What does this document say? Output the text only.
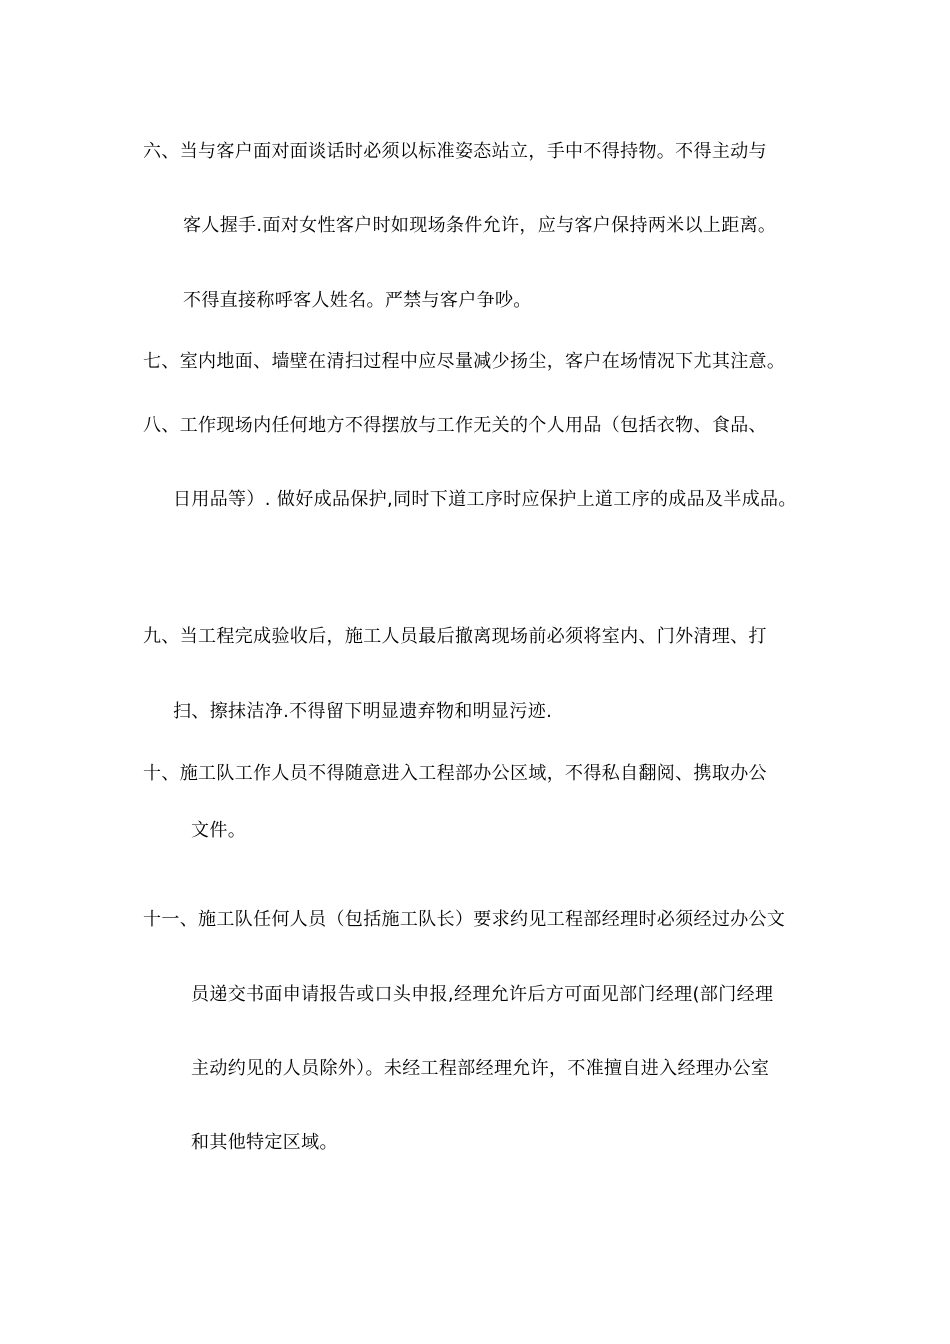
六、当与客户面对面谈话时必须以标准姿态站立，手中不得持物。不得主动与

客人握手.面对女性客户时如现场条件允许，应与客户保持两米以上距离。

不得直接称呼客人姓名。严禁与客户争吵。

七、室内地面、墙壁在清扫过程中应尽量减少扬尘，客户在场情况下尤其注意。

八、工作现场内任何地方不得摆放与工作无关的个人用品（包括衣物、食品、

日用品等）. 做好成品保护,同时下道工序时应保护上道工序的成品及半成品。

九、当工程完成验收后，施工人员最后撤离现场前必须将室内、门外清理、打

扫、擦抹洁净.不得留下明显遗弃物和明显污迹.

十、施工队工作人员不得随意进入工程部办公区域，不得私自翻阅、携取办公

文件。

十一、施工队任何人员（包括施工队长）要求约见工程部经理时必须经过办公文

员递交书面申请报告或口头申报,经理允许后方可面见部门经理(部门经理

主动约见的人员除外）。未经工程部经理允许，不准擅自进入经理办公室

和其他特定区域。
